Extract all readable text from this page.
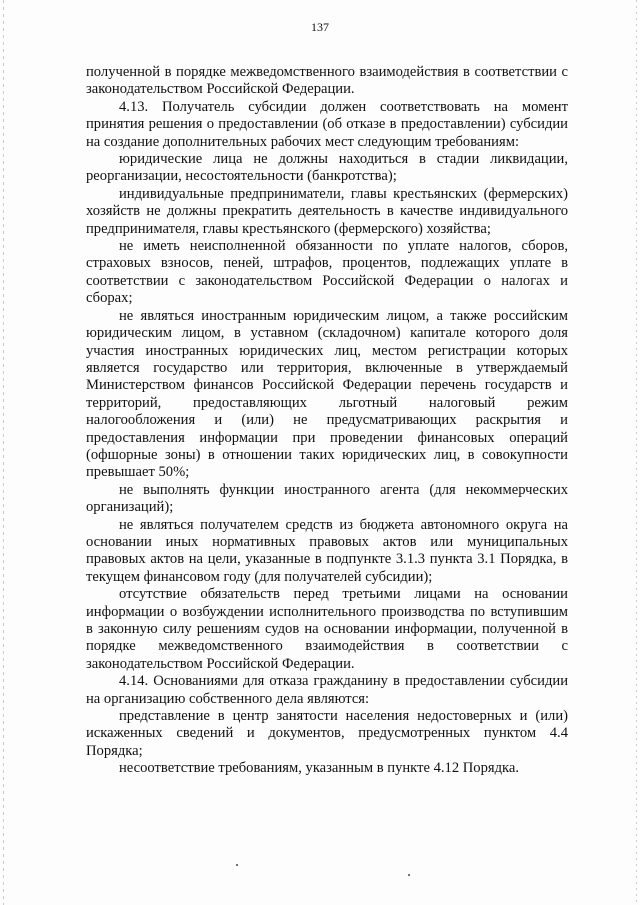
137

полученной в порядке межведомственного взаимодействия в соответствии с законодательством Российской Федерации.

4.13. Получатель субсидии должен соответствовать на момент принятия решения о предоставлении (об отказе в предоставлении) субсидии на создание дополнительных рабочих мест следующим требованиям:

юридические лица не должны находиться в стадии ликвидации, реорганизации, несостоятельности (банкротства);

индивидуальные предприниматели, главы крестьянских (фермерских) хозяйств не должны прекратить деятельность в качестве индивидуального предпринимателя, главы крестьянского (фермерского) хозяйства;

не иметь неисполненной обязанности по уплате налогов, сборов, страховых взносов, пеней, штрафов, процентов, подлежащих уплате в соответствии с законодательством Российской Федерации о налогах и сборах;

не являться иностранным юридическим лицом, а также российским юридическим лицом, в уставном (складочном) капитале которого доля участия иностранных юридических лиц, местом регистрации которых является государство или территория, включенные в утверждаемый Министерством финансов Российской Федерации перечень государств и территорий, предоставляющих льготный налоговый режим налогообложения и (или) не предусматривающих раскрытия и предоставления информации при проведении финансовых операций (офшорные зоны) в отношении таких юридических лиц, в совокупности превышает 50%;

не выполнять функции иностранного агента (для некоммерческих организаций);

не являться получателем средств из бюджета автономного округа на основании иных нормативных правовых актов или муниципальных правовых актов на цели, указанные в подпункте 3.1.3 пункта 3.1 Порядка, в текущем финансовом году (для получателей субсидии);

отсутствие обязательств перед третьими лицами на основании информации о возбуждении исполнительного производства по вступившим в законную силу решениям судов на основании информации, полученной в порядке межведомственного взаимодействия в соответствии с законодательством Российской Федерации.

4.14. Основаниями для отказа гражданину в предоставлении субсидии на организацию собственного дела являются:

представление в центр занятости населения недостоверных и (или) искаженных сведений и документов, предусмотренных пунктом 4.4 Порядка;

несоответствие требованиям, указанным в пункте 4.12 Порядка.
